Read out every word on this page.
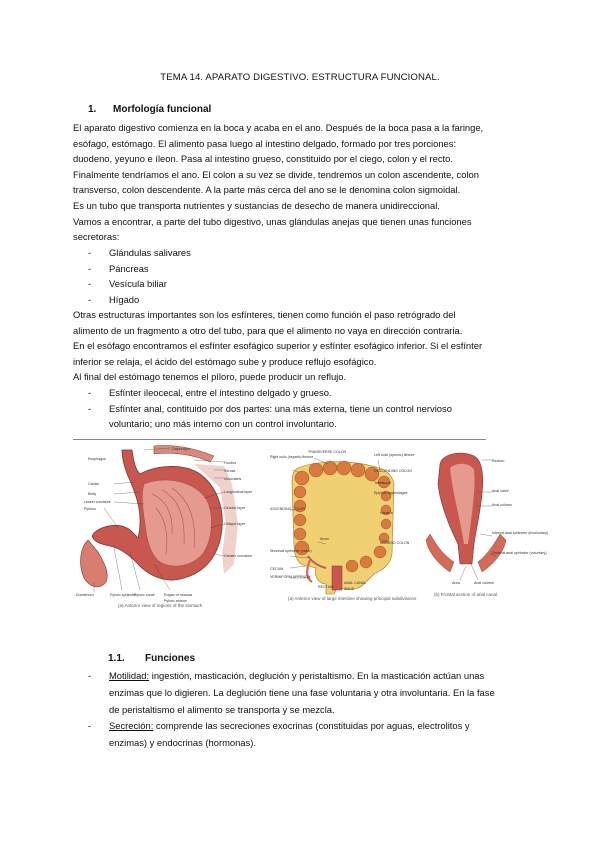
TEMA 14. APARATO DIGESTIVO. ESTRUCTURA FUNCIONAL.
1. Morfología funcional

El aparato digestivo comienza en la boca y acaba en el ano. Después de la boca pasa a la faringe,

esófago, estómago. El alimento pasa luego al intestino delgado, formado por tres porciones:

duodeno, yeyuno e íleon. Pasa al intestino grueso, constituido por el ciego, colon y el recto.

Finalmente tendríamos el ano. El colon a su vez se divide, tendremos un colon ascendente, colon

transverso, colon descendente. A la parte más cerca del ano se le denomina colon sigmoidal.

Es un tubo que transporta nutrientes y sustancias de desecho de manera unidireccional.

Vamos a encontrar, a parte del tubo digestivo, unas glándulas anejas que tienen unas funciones

secretoras:

- Glándulas salivares
- Páncreas
- Vesícula biliar
- Hígado

Otras estructuras importantes son los esfínteres, tienen como función el paso retrógrado del

alimento de un fragmento a otro del tubo, para que el alimento no vaya en dirección contraria.

En el esófago encontramos el esfínter esofágico superior y esfínter esofágico inferior. Si el esfínter

inferior se relaja, el ácido del estómago sube y produce reflujo esofágico.

Al final del estómago tenemos el píloro, puede producir un reflujo.

- Esfínter ileocecal, entre el intestino delgado y grueso.
- Esfínter anal, contituido por dos partes: una más externa, tiene un control nervioso
voluntario; uno más interno con un control involuntario.
Diaphragm
Fundus
Serosa
Muscularis
Esophagus
Cardia
Body
Lesser curvature
Pylorus
Longitudinal layer
Circular layer
Oblique layer
Greater curvature
Duodenum	Pyloric sphincter
Pyloric canal	Rugae of mucosa
Pyloric antrum
(a) Anterior view of regions of the stomach
TRANSVERSE COLON
Right colic (hepatic) flexure	Left colic (splenic) flexure
DESCENDING COLON
Taenia coli
Epiploic appendages
ASCENDING COLON
Ileum
Ileocecal sphincter (valve)
CECUM
VERMIFORM APPENDIX
RECTUM
ANAL CANAL
ANUS
SIGMOID COLON
Haustra
(a) Anterior view of large intestine showing principal subdivisions
Rectum
Anal valve
Anal column
Internal anal sphincter (involuntary)
External anal sphincter (voluntary)
Anus	Anal column
(b) Frontal section of anal canal
1.1. Funciones
- Motilidad: ingestión, masticación, deglución y peristaltismo. En la masticación actúan unas

enzimas que lo digieren. La deglución tiene una fase voluntaria y otra involuntaria. En la fase

de peristaltismo el alimento se transporta y se mezcla.

- Secreción: comprende las secreciones exocrinas (constituidas por aguas, electrolitos y

enzimas) y endocrinas (hormonas).
